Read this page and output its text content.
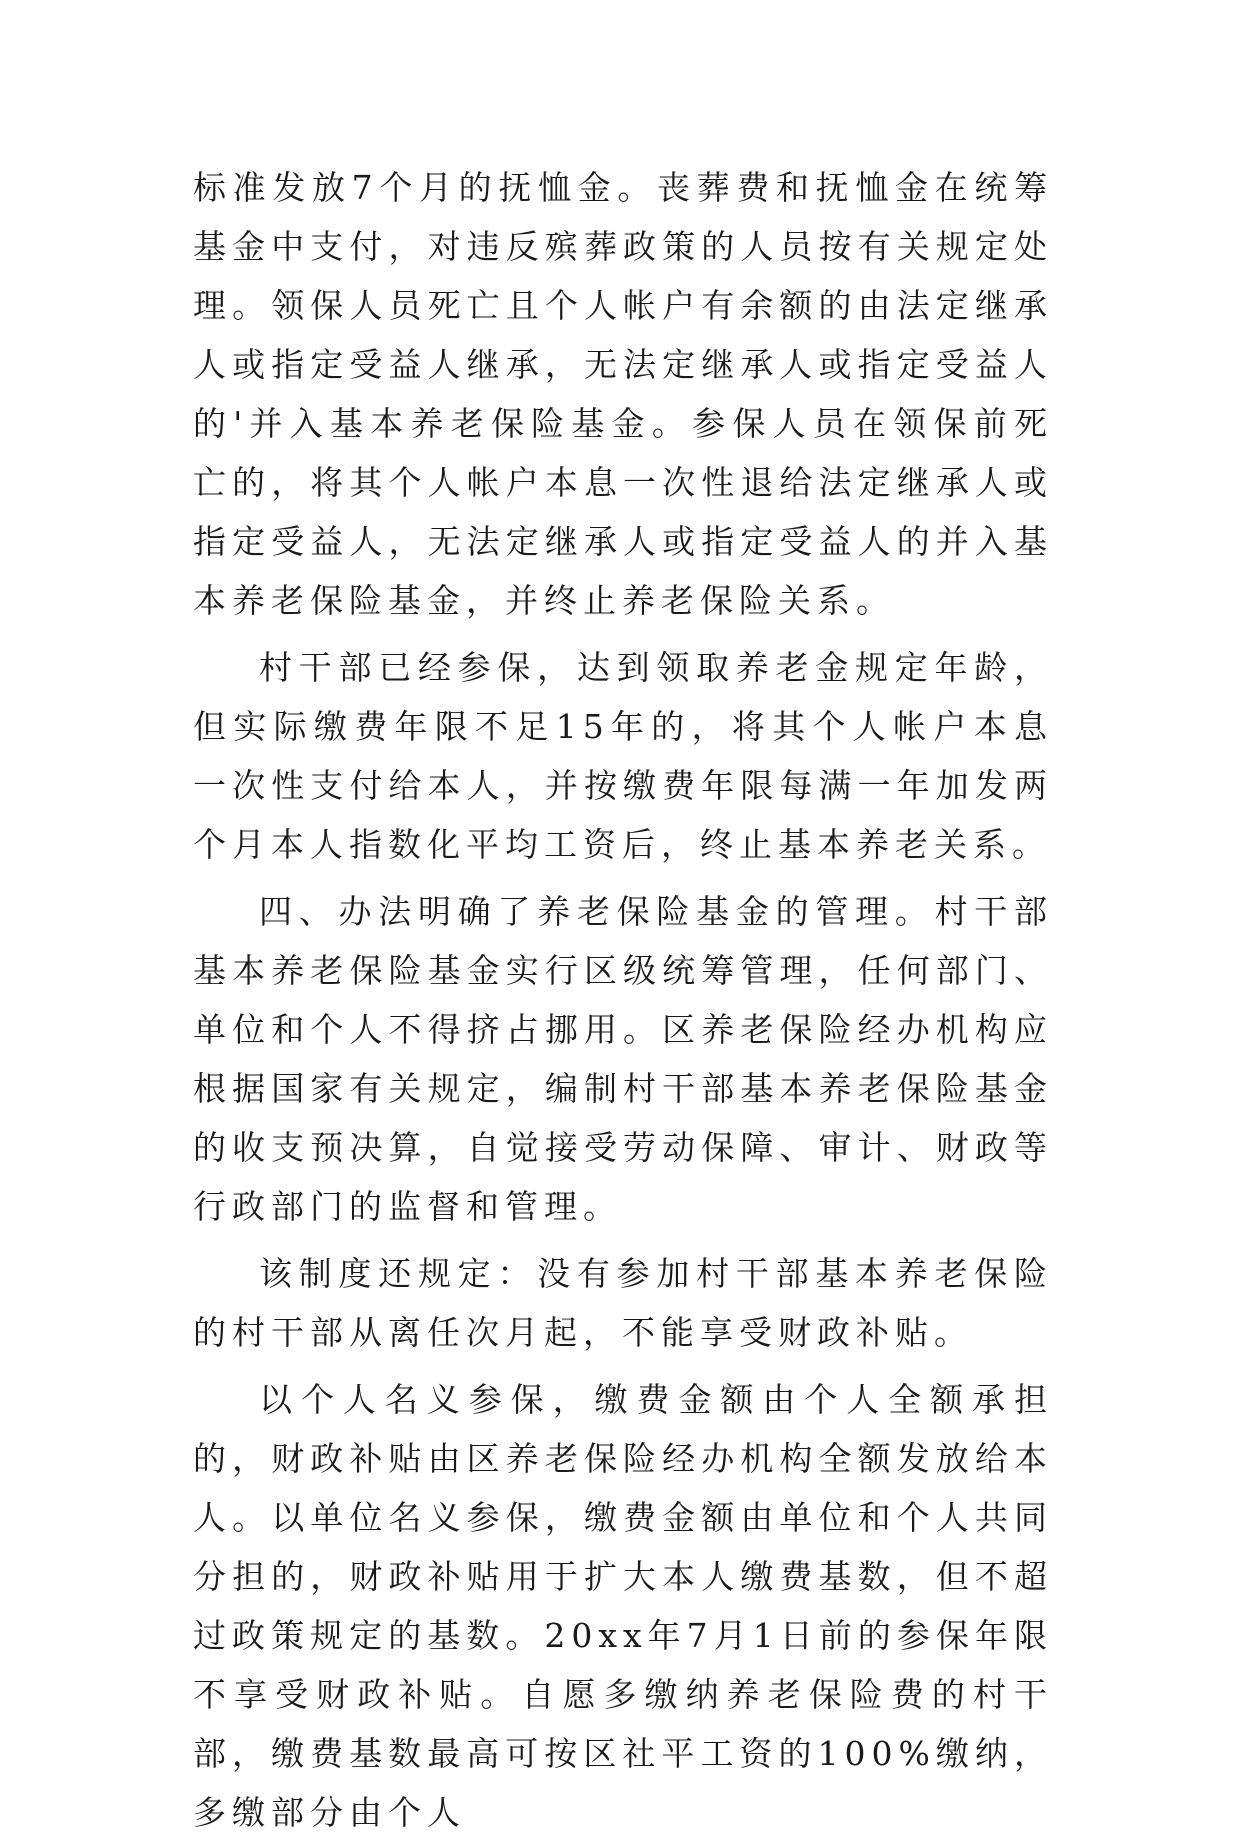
标准发放7个月的抚恤金。丧葬费和抚恤金在统筹基金中支付，对违反殡葬政策的人员按有关规定处理。领保人员死亡且个人帐户有余额的由法定继承人或指定受益人继承，无法定继承人或指定受益人的'并入基本养老保险基金。参保人员在领保前死亡的，将其个人帐户本息一次性退给法定继承人或指定受益人，无法定继承人或指定受益人的并入基本养老保险基金，并终止养老保险关系。

村干部已经参保，达到领取养老金规定年龄，但实际缴费年限不足15年的，将其个人帐户本息一次性支付给本人，并按缴费年限每满一年加发两个月本人指数化平均工资后，终止基本养老关系。

四、办法明确了养老保险基金的管理。村干部基本养老保险基金实行区级统筹管理，任何部门、单位和个人不得挤占挪用。区养老保险经办机构应根据国家有关规定，编制村干部基本养老保险基金的收支预决算，自觉接受劳动保障、审计、财政等行政部门的监督和管理。

该制度还规定：没有参加村干部基本养老保险的村干部从离任次月起，不能享受财政补贴。

以个人名义参保，缴费金额由个人全额承担的，财政补贴由区养老保险经办机构全额发放给本人。以单位名义参保，缴费金额由单位和个人共同分担的，财政补贴用于扩大本人缴费基数，但不超过政策规定的基数。20xx年7月1日前的参保年限不享受财政补贴。自愿多缴纳养老保险费的村干部，缴费基数最高可按区社平工资的100%缴纳，多缴部分由个人
